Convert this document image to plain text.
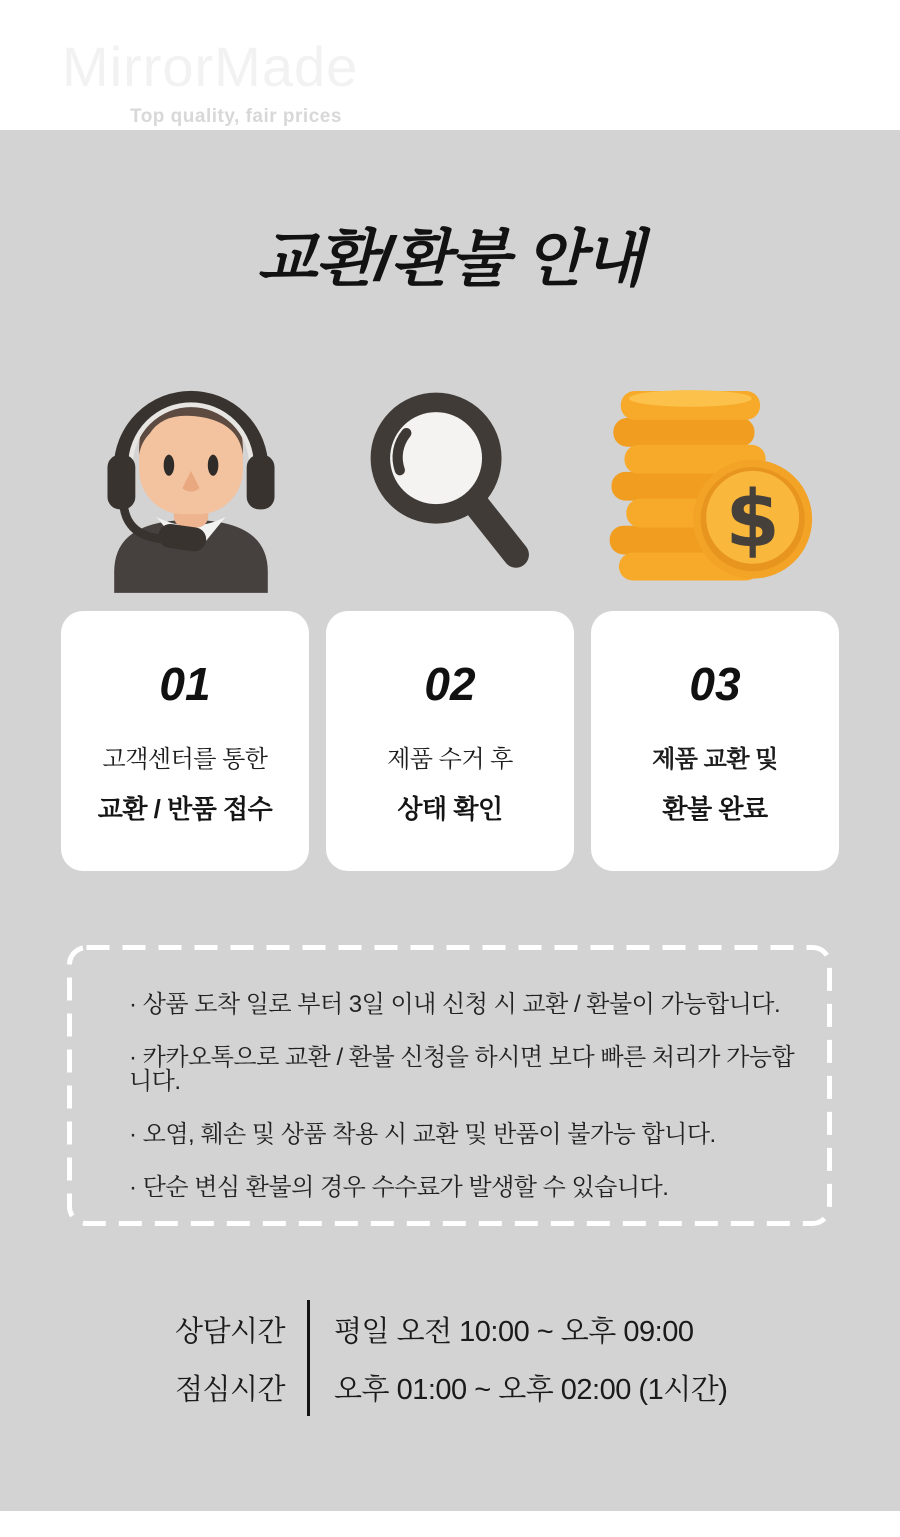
MirrorMade
Top quality, fair prices
교환/환불 안내
$
01
고객센터를 통한
교환 / 반품 접수
02
제품 수거 후
상태 확인
03
제품 교환 및
환불 완료

· 상품 도착 일로 부터 3일 이내 신청 시 교환 / 환불이 가능합니다.

· 카카오톡으로 교환 / 환불 신청을 하시면 보다 빠른 처리가 가능합니다.

· 오염, 훼손 및 상품 착용 시 교환 및 반품이 불가능 합니다.

· 단순 변심 환불의 경우 수수료가 발생할 수 있습니다.

상담시간	평일 오전 10:00 ~ 오후 09:00
점심시간	오후 01:00 ~ 오후 02:00 (1시간)
